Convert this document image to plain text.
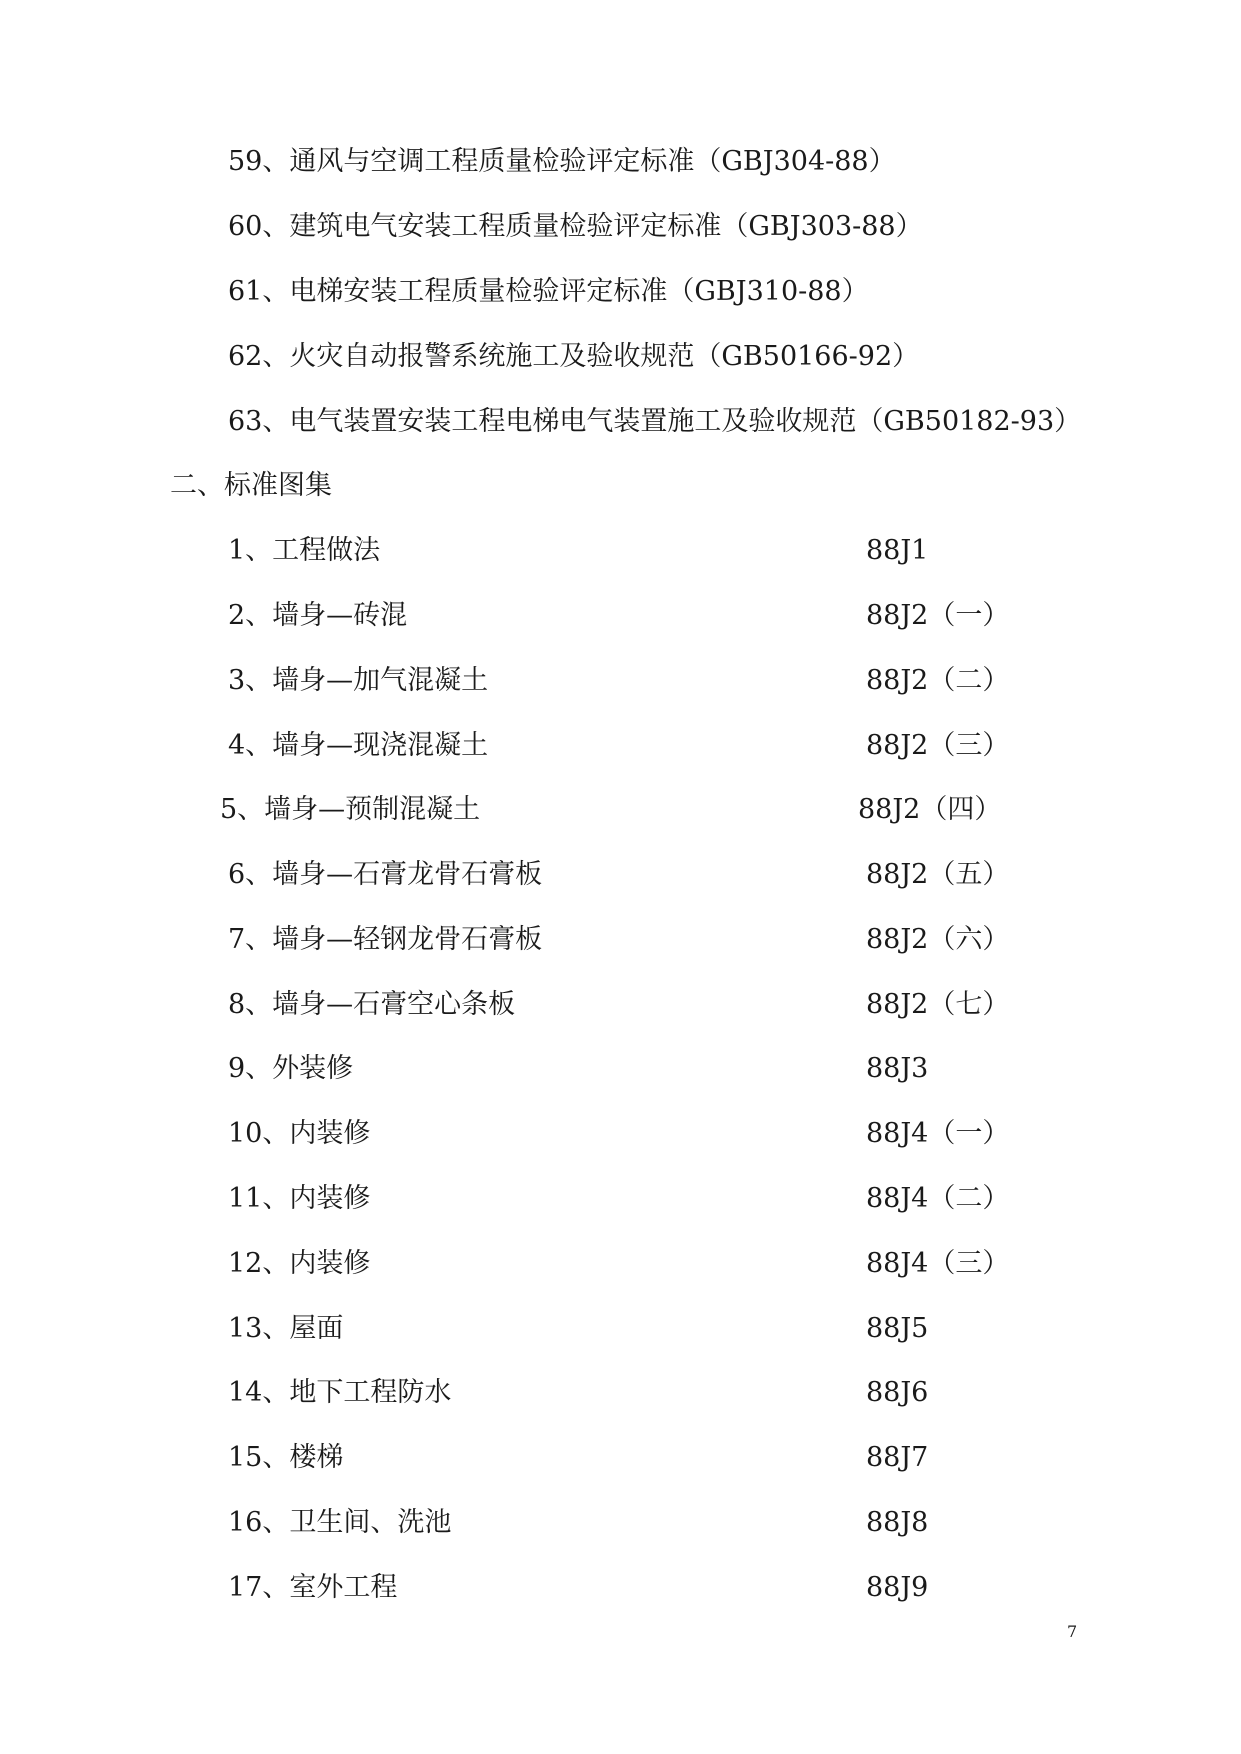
59、通风与空调工程质量检验评定标准（GBJ304-88）
60、建筑电气安装工程质量检验评定标准（GBJ303-88）
61、电梯安装工程质量检验评定标准（GBJ310-88）
62、火灾自动报警系统施工及验收规范（GB50166-92）
63、电气装置安装工程电梯电气装置施工及验收规范（GB50182-93）
二、标准图集
1、工程做法	88J1
2、墙身—砖混	88J2（一）
3、墙身—加气混凝土	88J2（二）
4、墙身—现浇混凝土	88J2（三）
5、墙身—预制混凝土	88J2（四）
6、墙身—石膏龙骨石膏板	88J2（五）
7、墙身—轻钢龙骨石膏板	88J2（六）
8、墙身—石膏空心条板	88J2（七）
9、外装修	88J3
10、内装修	88J4（一）
11、内装修	88J4（二）
12、内装修	88J4（三）
13、屋面	88J5
14、地下工程防水	88J6
15、楼梯	88J7
16、卫生间、洗池	88J8
17、室外工程	88J9
7
